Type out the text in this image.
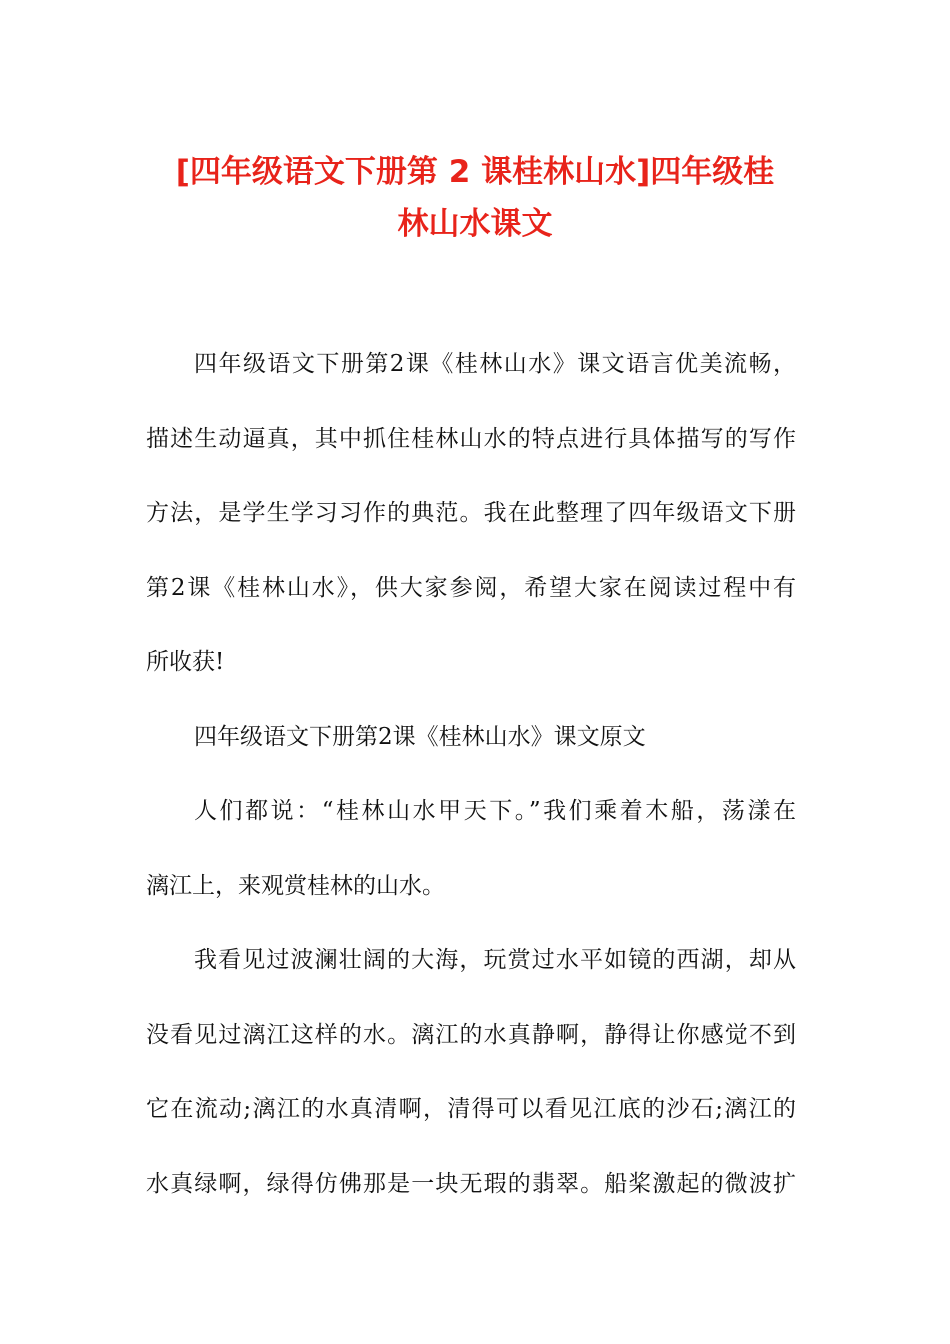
[四年级语文下册第 2 课桂林山水]四年级桂
林山水课文
四年级语文下册第2课《桂林山水》课文语言优美流畅，
描述生动逼真，其中抓住桂林山水的特点进行具体描写的写作
方法，是学生学习习作的典范。我在此整理了四年级语文下册
第2课《桂林山水》，供大家参阅，希望大家在阅读过程中有
所收获!
四年级语文下册第2课《桂林山水》课文原文
人们都说：“桂林山水甲天下。”我们乘着木船，荡漾在
漓江上，来观赏桂林的山水。
我看见过波澜壮阔的大海，玩赏过水平如镜的西湖，却从
没看见过漓江这样的水。漓江的水真静啊，静得让你感觉不到
它在流动;漓江的水真清啊，清得可以看见江底的沙石;漓江的
水真绿啊，绿得仿佛那是一块无瑕的翡翠。船桨激起的微波扩
